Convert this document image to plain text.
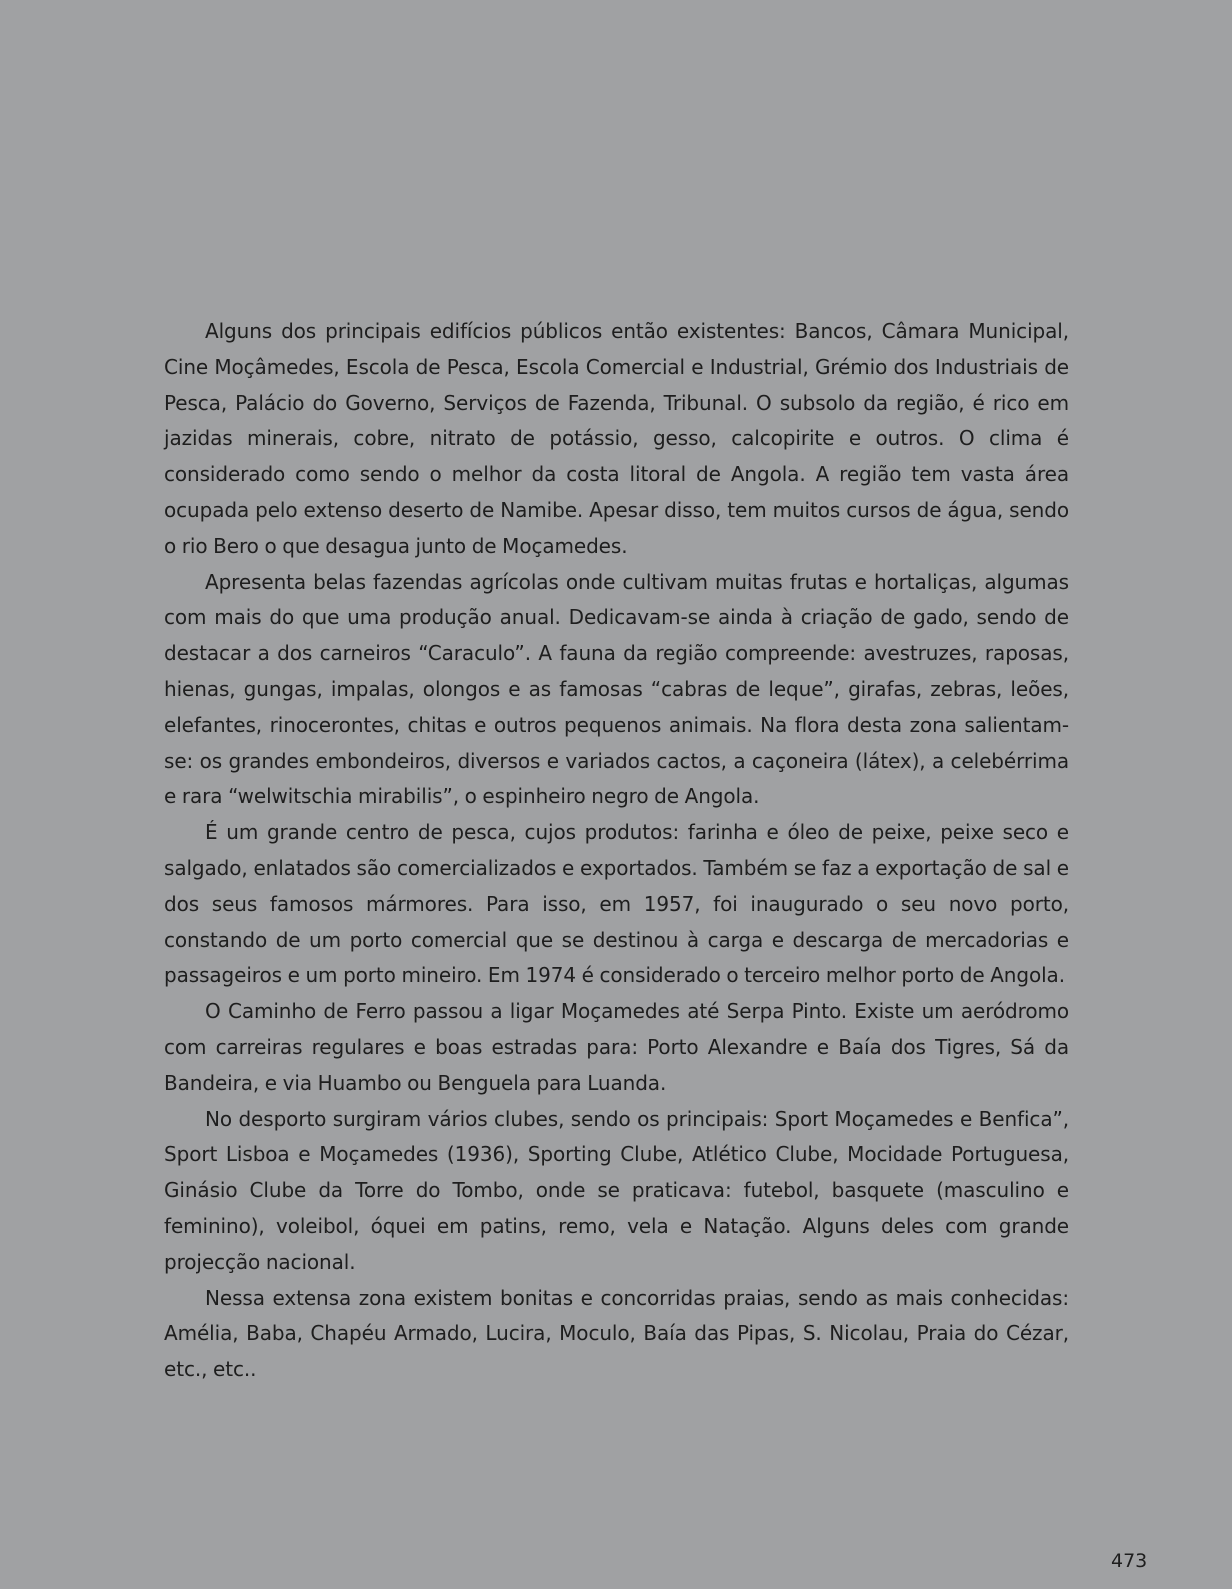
Alguns dos principais edifícios públicos então existentes: Bancos, Câmara Municipal, Cine Moçâmedes, Escola de Pesca, Escola Comercial e Industrial, Grémio dos Industriais de Pesca, Palácio do Governo, Serviços de Fazenda, Tribunal. O subsolo da região, é rico em jazidas minerais, cobre, nitrato de potássio, gesso, calcopirite e outros. O clima é considerado como sendo o melhor da costa litoral de Angola. A região tem vasta área ocupada pelo extenso deserto de Namibe. Apesar disso, tem muitos cursos de água, sendo o rio Bero o que desagua junto de Moçamedes.

Apresenta belas fazendas agrícolas onde cultivam muitas frutas e hortaliças, algumas com mais do que uma produção anual. Dedicavam-se ainda à criação de gado, sendo de destacar a dos carneiros “Caraculo”. A fauna da região compreende: avestruzes, raposas, hienas, gungas, impalas, olongos e as famosas “cabras de leque”, girafas, zebras, leões, elefantes, rinocerontes, chitas e outros pequenos animais. Na flora desta zona salientam-se: os grandes embondeiros, diversos e variados cactos, a caçoneira (látex), a celebérrima e rara “welwitschia mirabilis”, o espinheiro negro de Angola.

É um grande centro de pesca, cujos produtos: farinha e óleo de peixe, peixe seco e salgado, enlatados são comercializados e exportados. Também se faz a exportação de sal e dos seus famosos mármores. Para isso, em 1957, foi inaugurado o seu novo porto, constando de um porto comercial que se destinou à carga e descarga de mercadorias e passageiros e um porto mineiro. Em 1974 é considerado o terceiro melhor porto de Angola.

O Caminho de Ferro passou a ligar Moçamedes até Serpa Pinto. Existe um aeródromo com carreiras regulares e boas estradas para: Porto Alexandre e Baía dos Tigres, Sá da Bandeira, e via Huambo ou Benguela para Luanda.

No desporto surgiram vários clubes, sendo os principais: Sport Moçamedes e Benfica”, Sport Lisboa e Moçamedes (1936), Sporting Clube, Atlético Clube, Mocidade Portuguesa, Ginásio Clube da Torre do Tombo, onde se praticava: futebol, basquete (masculino e feminino), voleibol, óquei em patins, remo, vela e Natação. Alguns deles com grande projecção nacional.

Nessa extensa zona existem bonitas e concorridas praias, sendo as mais conhecidas: Amélia, Baba, Chapéu Armado, Lucira, Moculo, Baía das Pipas, S. Nicolau, Praia do Cézar, etc., etc..

473
